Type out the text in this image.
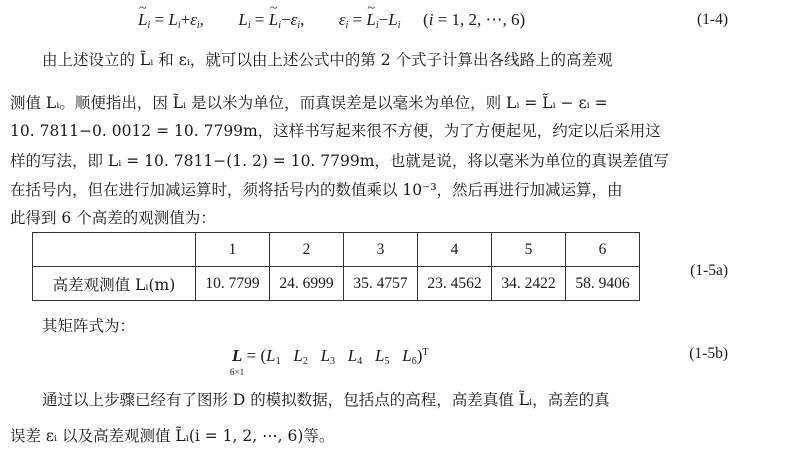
~ $L_i = L_i+\varepsilon_i$, $L_i$ = ~ $L_i-\varepsilon_i$, $\varepsilon_i$ = ~ $L_i-L_i$ (i = 1, 2, ⋯, 6)	(1-4)
由上述设立的 L̃ᵢ 和 εᵢ，就可以由上述公式中的第 2 个式子计算出各线路上的高差观
测值 Lᵢ。顺便指出，因 L̃ᵢ 是以米为单位，而真误差是以毫米为单位，则 Lᵢ = L̃ᵢ − εᵢ =
10. 7811−0. 0012 = 10. 7799m，这样书写起来很不方便，为了方便起见，约定以后采用这
样的写法，即 Lᵢ = 10. 7811−(1. 2) = 10. 7799m，也就是说，将以毫米为单位的真误差值写
在括号内，但在进行加减运算时，须将括号内的数值乘以 10⁻³，然后再进行加减运算，由
此得到 6 个高差的观测值为：
	1	2	3	4	5	6
高差观测值 Lᵢ(m)	10. 7799	24. 6999	35. 4757	23. 4562	34. 2422	58. 9406
(1-5a)
其矩阵式为：
L
6×1
= ($L_1$ $L_2$ $L_3$ $L_4$ $L_5$ $L_6)^T$	(1-5b)
通过以上步骤已经有了图形 D 的模拟数据，包括点的高程，高差真值 L̃ᵢ，高差的真
误差 εᵢ 以及高差观测值 L̃ᵢ(i = 1, 2, ⋯, 6)等。
